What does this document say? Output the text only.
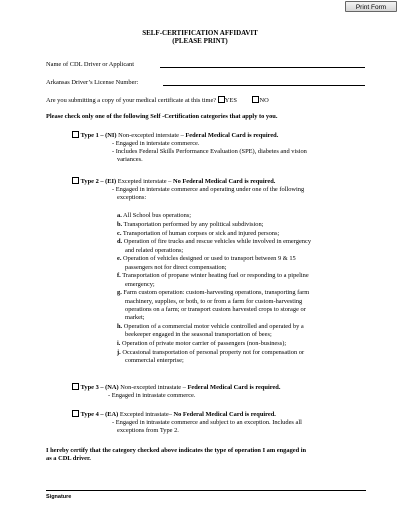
Print Form
SELF-CERTIFICATION AFFIDAVIT
(PLEASE PRINT)
Name of CDL Driver or Applicant
Arkansas Driver’s License Number:
Are you submitting a copy of your medical certificate at this time? YES	NO
Please check only one of the following Self -Certification categories that apply to you.
Type 1 – (NI) Non-excepted interstate – Federal Medical Card is required.
- Engaged in interstate commerce.
- Includes Federal Skills Performance Evaluation (SPE), diabetes and vision
variances.
Type 2 – (EI) Excepted interstate – No Federal Medical Card is required.
- Engaged in interstate commerce and operating under one of the following
exceptions:
a. All School bus operations;
b. Transportation performed by any political subdivision;
c. Transportation of human corpses or sick and injured persons;
d. Operation of fire trucks and rescue vehicles while involved in emergency
and related operations;
e. Operation of vehicles designed or used to transport between 9 & 15
passengers not for direct compensation;
f. Transportation of propane winter heating fuel or responding to a pipeline
emergency;
g. Farm custom operation: custom-harvesting operations, transporting farm
machinery, supplies, or both, to or from a farm for custom-harvesting
operations on a farm; or transport custom harvested crops to storage or
market;
h. Operation of a commercial motor vehicle controlled and operated by a
beekeeper engaged in the seasonal transportation of bees;
i. Operation of private motor carrier of passengers (non-business);
j. Occasional transportation of personal property not for compensation or
commercial enterprise;
Type 3 – (NA) Non-excepted intrastate – Federal Medical Card is required.
- Engaged in intrastate commerce.
Type 4 – (EA) Excepted intrastate– No Federal Medical Card is required.
- Engaged in intrastate commerce and subject to an exception. Includes all
exceptions from Type 2.
I hereby certify that the category checked above indicates the type of operation I am engaged in
as a CDL driver.
Signature
